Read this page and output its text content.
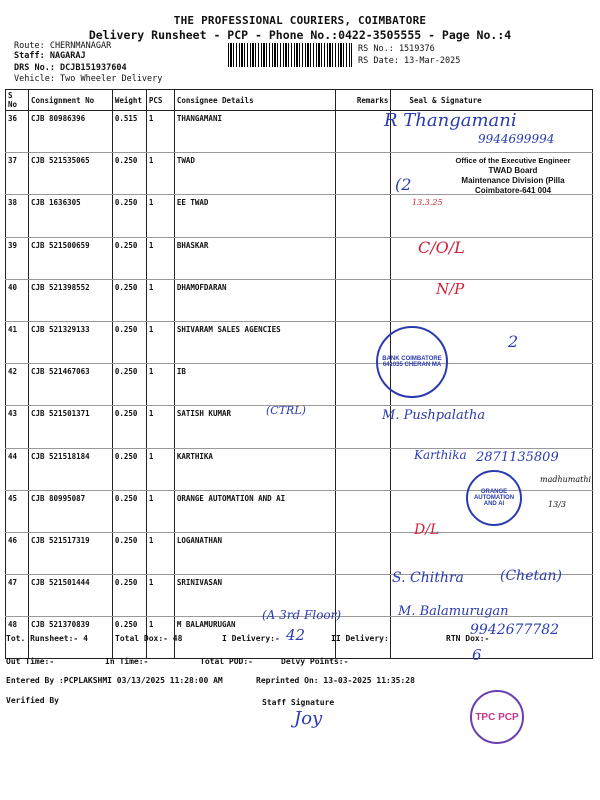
THE PROFESSIONAL COURIERS, COIMBATORE
Delivery Runsheet - PCP - Phone No.:0422-3505555 - Page No.:4
Route: CHERNMANAGAR
Staff: NAGARAJ
DRS No.: DCJB151937604
Vehicle: Two Wheeler Delivery
RS No.: 1519376
RS Date: 13-Mar-2025
S No	Consignment No	Weight	PCS	Consignee Details	Remarks	Seal & Signature
36	CJB 80986396	0.515	1	THANGAMANI		
37	CJB 521535065	0.250	1	TWAD		
38	CJB 1636305	0.250	1	EE TWAD		
39	CJB 521500659	0.250	1	BHASKAR		
40	CJB 521398552	0.250	1	DHAMOFDARAN		
41	CJB 521329133	0.250	1	SHIVARAM SALES AGENCIES		
42	CJB 521467063	0.250	1	IB		
43	CJB 521501371	0.250	1	SATISH KUMAR		
44	CJB 521518184	0.250	1	KARTHIKA		
45	CJB 80995087	0.250	1	ORANGE AUTOMATION AND AI		
46	CJB 521517319	0.250	1	LOGANATHAN		
47	CJB 521501444	0.250	1	SRINIVASAN		
48	CJB 521370839	0.250	1	M BALAMURUGAN		
Office of the Executive Engineer
TWAD Board
Maintenance Division (Pilla
Coimbatore-641 004
BANK COIMBATORE 641035 CHERAN MA
ORANGE AUTOMATION AND AI
TPC PCP
R Thangamani
9944699994
(2
13.3.25
C/O/L
N/P
2
(CTRL)	M. Pushpalatha
Karthika 2871135809
madhumathi
13/3
D/L
S. Chithra	(Chetan)
(A 3rd Floor)	M. Balamurugan
9942677782
Tot. Runsheet:- 4	Total Dox:- 48	I Delivery:- 42	II Delivery:	RTN Dox:-
6
Out Time:-	In Time:-	Total POD:-	Delvy Points:-
Entered By :PCPLAKSHMI 03/13/2025 11:28:00 AM	Reprinted On: 13-03-2025 11:35:28
Verified By	Staff Signature
Joy
